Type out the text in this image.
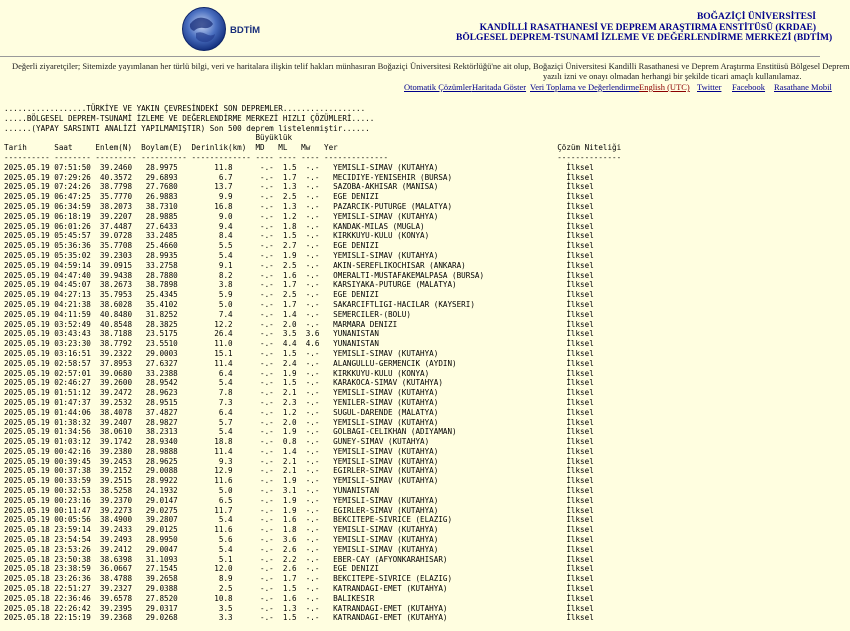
BDTİM
BOĞAZİÇİ ÜNİVERSİTESİ
KANDİLLİ RASATHANESİ VE DEPREM ARAŞTIRMA ENSTİTÜSÜ (KRDAE)
BÖLGESEL DEPREM-TSUNAMİ İZLEME VE DEĞERLENDİRME MERKEZİ (BDTİM)
Değerli ziyaretçiler; Sitemizde yayımlanan her türlü bilgi, veri ve haritalara ilişkin telif hakları münhasıran Boğaziçi Üniversitesi Rektörlüğü'ne ait olup, Boğaziçi Üniversitesi Kandilli Rasathanesi ve Deprem Araştırma Enstitüsü Bölgesel Deprem
yazılı izni ve onayı olmadan herhangi bir şekilde ticari amaçlı kullanılamaz.
Otomatik Çözümler Haritada Göster Veri Toplama ve Değerlendirme English (UTC) Twitter Facebook Rasathane Mobil
..................TÜRKİYE VE YAKIN ÇEVRESİNDEKİ SON DEPREMLER..................
.....BÖLGESEL DEPREM-TSUNAMİ İZLEME VE DEĞERLENDİRME MERKEZİ HIZLI ÇÖZÜMLERİ.....
......(YAPAY SARSINTI ANALİZİ YAPILMAMIŞTIR) Son 500 deprem listelenmiştir......
Büyüklük
Tarih      Saat     Enlem(N)  Boylam(E)  Derinlik(km)  MD   ML   Mw   Yer                                                Çözüm Niteliği
---------- -------- --------- ---------- ------------- ---- ---- ---- --------------                                     --------------
2025.05.19 07:51:50  39.2460   28.9975        11.8      -.-  1.5  -.-   YEMISLI-SIMAV (KUTAHYA)                            İlksel
2025.05.19 07:29:26  40.3572   29.6893         6.7      -.-  1.7  -.-   MECIDIYE-YENISEHIR (BURSA)                         İlksel
2025.05.19 07:24:26  38.7798   27.7680        13.7      -.-  1.3  -.-   SAZOBA-AKHISAR (MANISA)                            İlksel
2025.05.19 06:47:25  35.7770   26.9883         9.9      -.-  2.5  -.-   EGE DENIZI                                         İlksel
2025.05.19 06:34:59  38.2073   38.7310        16.8      -.-  1.3  -.-   PAZARCIK-PUTURGE (MALATYA)                         İlksel
2025.05.19 06:18:19  39.2207   28.9885         9.0      -.-  1.2  -.-   YEMISLI-SIMAV (KUTAHYA)                            İlksel
2025.05.19 06:01:26  37.4487   27.6433         9.4      -.-  1.8  -.-   KANDAK-MILAS (MUGLA)                               İlksel
2025.05.19 05:45:57  39.0728   33.2485         8.4      -.-  1.5  -.-   KIRKKUYU-KULU (KONYA)                              İlksel
2025.05.19 05:36:36  35.7708   25.4660         5.5      -.-  2.7  -.-   EGE DENIZI                                         İlksel
2025.05.19 05:35:02  39.2303   28.9935         5.4      -.-  1.9  -.-   YEMISLI-SIMAV (KUTAHYA)                            İlksel
2025.05.19 04:59:14  39.0915   33.2758         9.1      -.-  2.5  -.-   AKIN-SEREFLIKOCHISAR (ANKARA)                      İlksel
2025.05.19 04:47:40  39.9438   28.7880         8.2      -.-  1.6  -.-   OMERALTI-MUSTAFAKEMALPASA (BURSA)                  İlksel
2025.05.19 04:45:07  38.2673   38.7898         3.8      -.-  1.7  -.-   KARSIYAKA-PUTURGE (MALATYA)                        İlksel
2025.05.19 04:27:13  35.7953   25.4345         5.9      -.-  2.5  -.-   EGE DENIZI                                         İlksel
2025.05.19 04:21:38  38.6028   35.4102         5.0      -.-  1.7  -.-   SAKARCIFTLIGI-HACILAR (KAYSERI)                    İlksel
2025.05.19 04:11:59  40.8480   31.8252         7.4      -.-  1.4  -.-   SEMERCILER-(BOLU)                                  İlksel
2025.05.19 03:52:49  40.8548   28.3825        12.2      -.-  2.0  -.-   MARMARA DENIZI                                     İlksel
2025.05.19 03:43:43  38.7188   23.5175        26.4      -.-  3.5  3.6   YUNANISTAN                                         İlksel
2025.05.19 03:23:30  38.7792   23.5510        11.0      -.-  4.4  4.6   YUNANISTAN                                         İlksel
2025.05.19 03:16:51  39.2322   29.0003        15.1      -.-  1.5  -.-   YEMISLI-SIMAV (KUTAHYA)                            İlksel
2025.05.19 02:58:57  37.8953   27.6327        11.4      -.-  2.4  -.-   ALANGULLU-GERMENCIK (AYDIN)                        İlksel
2025.05.19 02:57:01  39.0680   33.2388         6.4      -.-  1.9  -.-   KIRKKUYU-KULU (KONYA)                              İlksel
2025.05.19 02:46:27  39.2600   28.9542         5.4      -.-  1.5  -.-   KARAKOCA-SIMAV (KUTAHYA)                           İlksel
2025.05.19 01:51:12  39.2472   28.9623         7.8      -.-  2.1  -.-   YEMISLI-SIMAV (KUTAHYA)                            İlksel
2025.05.19 01:47:37  39.2532   28.9515         7.3      -.-  2.3  -.-   YENILER-SIMAV (KUTAHYA)                            İlksel
2025.05.19 01:44:06  38.4078   37.4827         6.4      -.-  1.2  -.-   SUGUL-DARENDE (MALATYA)                            İlksel
2025.05.19 01:38:32  39.2407   28.9827         5.7      -.-  2.0  -.-   YEMISLI-SIMAV (KUTAHYA)                            İlksel
2025.05.19 01:34:56  38.0610   38.2313         5.4      -.-  1.9  -.-   GOLBAGI-CELIKHAN (ADIYAMAN)                        İlksel
2025.05.19 01:03:12  39.1742   28.9340        18.8      -.-  0.8  -.-   GUNEY-SIMAV (KUTAHYA)                              İlksel
2025.05.19 00:42:16  39.2380   28.9888        11.4      -.-  1.4  -.-   YEMISLI-SIMAV (KUTAHYA)                            İlksel
2025.05.19 00:39:45  39.2453   28.9625         9.3      -.-  2.1  -.-   YEMISLI-SIMAV (KUTAHYA)                            İlksel
2025.05.19 00:37:38  39.2152   29.0088        12.9      -.-  2.1  -.-   EGIRLER-SIMAV (KUTAHYA)                            İlksel
2025.05.19 00:33:59  39.2515   28.9922        11.6      -.-  1.9  -.-   YEMISLI-SIMAV (KUTAHYA)                            İlksel
2025.05.19 00:32:53  38.5258   24.1932         5.0      -.-  3.1  -.-   YUNANISTAN                                         İlksel
2025.05.19 00:23:16  39.2370   29.0147         6.5      -.-  1.9  -.-   YEMISLI-SIMAV (KUTAHYA)                            İlksel
2025.05.19 00:11:47  39.2273   29.0275        11.7      -.-  1.9  -.-   EGIRLER-SIMAV (KUTAHYA)                            İlksel
2025.05.19 00:05:56  38.4900   39.2807         5.4      -.-  1.6  -.-   BEKCITEPE-SIVRICE (ELAZIG)                         İlksel
2025.05.18 23:59:14  39.2433   29.0125        11.6      -.-  1.8  -.-   YEMISLI-SIMAV (KUTAHYA)                            İlksel
2025.05.18 23:54:54  39.2493   28.9950         5.6      -.-  3.6  -.-   YEMISLI-SIMAV (KUTAHYA)                            İlksel
2025.05.18 23:53:26  39.2412   29.0047         5.4      -.-  2.6  -.-   YEMISLI-SIMAV (KUTAHYA)                            İlksel
2025.05.18 23:50:38  38.6398   31.1093         5.1      -.-  2.2  -.-   EBER-CAY (AFYONKARAHISAR)                          İlksel
2025.05.18 23:38:59  36.0667   27.1545        12.0      -.-  2.6  -.-   EGE DENIZI                                         İlksel
2025.05.18 23:26:36  38.4788   39.2658         8.9      -.-  1.7  -.-   BEKCITEPE-SIVRICE (ELAZIG)                         İlksel
2025.05.18 22:51:27  39.2327   29.0388         2.5      -.-  1.5  -.-   KATRANDAGI-EMET (KUTAHYA)                          İlksel
2025.05.18 22:36:46  39.6578   27.8520        10.8      -.-  1.6  -.-   BALIKESIR                                          İlksel
2025.05.18 22:26:42  39.2395   29.0317         3.5      -.-  1.3  -.-   KATRANDAGI-EMET (KUTAHYA)                          İlksel
2025.05.18 22:15:19  39.2368   29.0268         3.3      -.-  1.5  -.-   KATRANDAGI-EMET (KUTAHYA)                          İlksel
